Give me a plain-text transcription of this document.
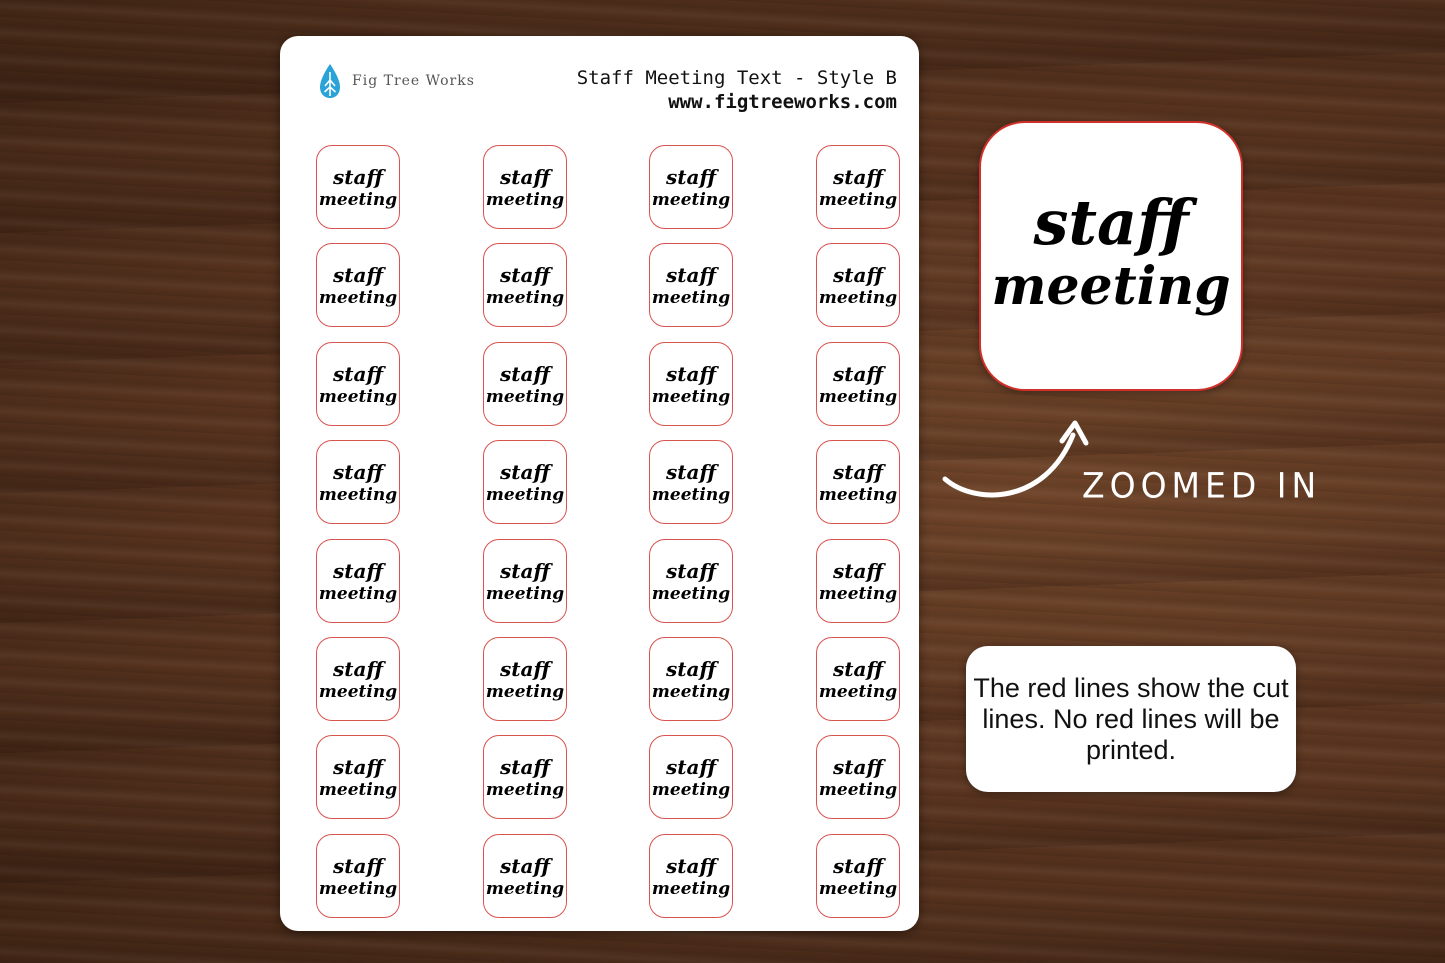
Fig Tree Works	Staff Meeting Text - Style B
www.figtreeworks.com
staff
meeting
staff
meeting
staff
meeting
staff
meeting
staff
meeting
staff
meeting
staff
meeting
staff
meeting
staff
meeting
staff
meeting
staff
meeting
staff
meeting
staff
meeting
staff
meeting
staff
meeting
staff
meeting
staff
meeting
staff
meeting
staff
meeting
staff
meeting
staff
meeting
staff
meeting
staff
meeting
staff
meeting
staff
meeting
staff
meeting
staff
meeting
staff
meeting
staff
meeting
staff
meeting
staff
meeting
staff
meeting
staff
meeting
ZOOMED IN
The red lines show the cut lines. No red lines will be printed.
